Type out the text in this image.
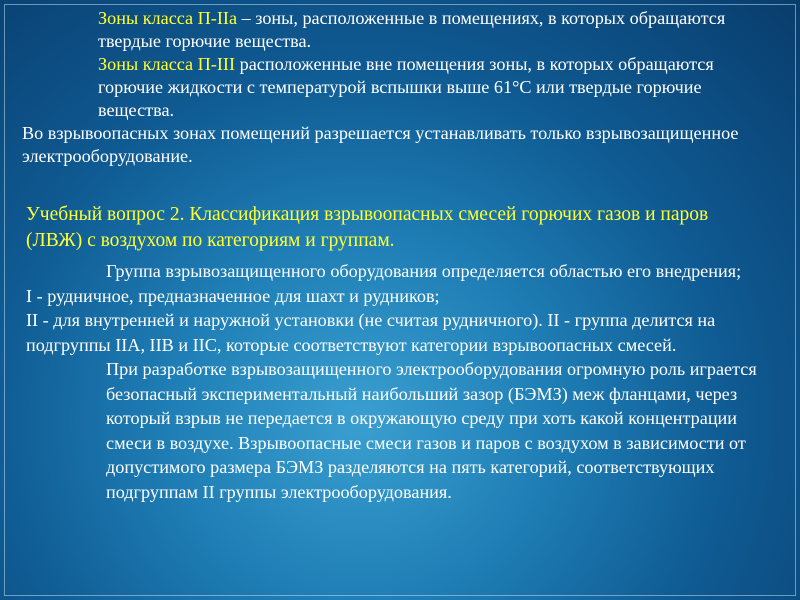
Зоны класса П-IIа – зоны, расположенные в помещениях, в которых обращаются твердые горючие вещества.

Зоны класса П-III расположенные вне помещения зоны, в которых обращаются горючие жидкости с температурой вспышки выше 61°С или твердые горючие вещества.

Во взрывоопасных зонах помещений разрешается устанавливать только взрывозащищенное электрооборудование.

Учебный вопрос 2. Классификация взрывоопасных смесей горючих газов и паров (ЛВЖ) с воздухом по категориям и группам.

Группа взрывозащищенного оборудования определяется областью его внедрения;

I - рудничное, предназначенное для шахт и рудников;

II - для внутренней и наружной установки (не считая рудничного). II - группа делится на подгруппы IIA, IIB и IIC, которые соответствуют категории взрывоопасных смесей.

При разработке взрывозащищенного электрооборудования огромную роль играется безопасный экспериментальный наибольший зазор (БЭМЗ) меж фланцами, через который взрыв не передается в окружающую среду при хоть какой концентрации смеси в воздухе. Взрывоопасные смеси газов и паров с воздухом в зависимости от допустимого размера БЭМЗ разделяются на пять категорий, соответствующих подгруппам II группы электрооборудования.
